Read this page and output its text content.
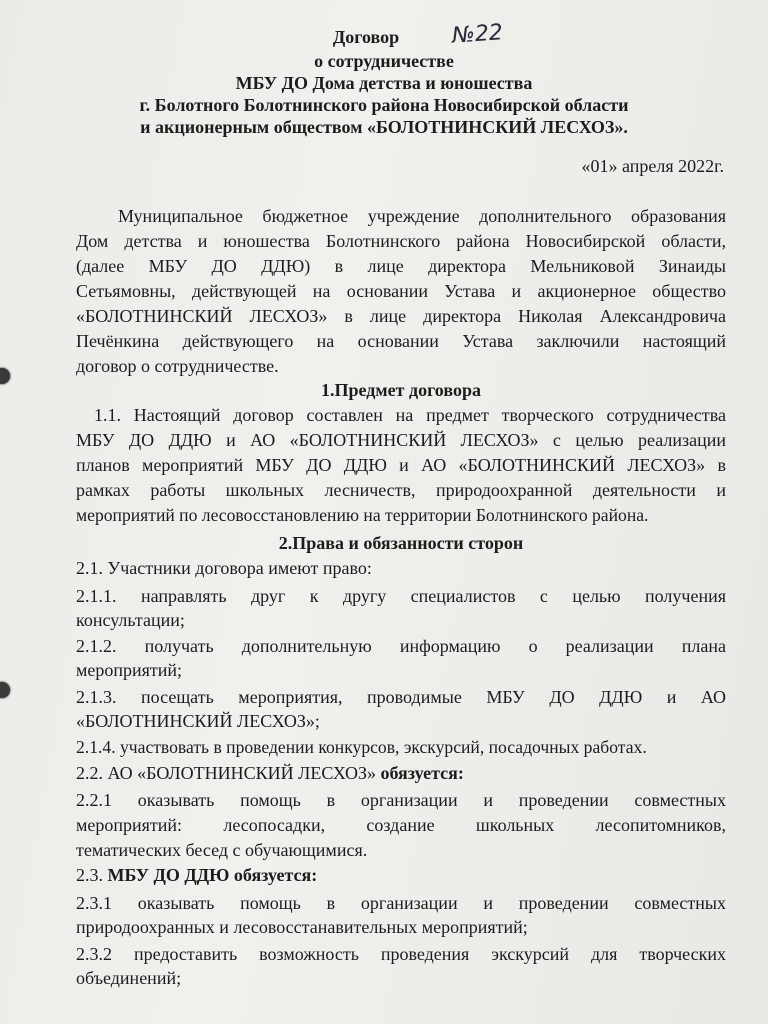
Договор	№22
о сотрудничестве
МБУ ДО Дома детства и юношества
г. Болотного Болотнинского района Новосибирской области
и акционерным обществом «БОЛОТНИНСКИЙ ЛЕСХОЗ».
«01» апреля 2022г.
Муниципальное бюджетное учреждение дополнительного образования
Дом детства и юношества Болотнинского района Новосибирской области,
(далее МБУ ДО ДДЮ) в лице директора Мельниковой Зинаиды
Сетьямовны, действующей на основании Устава и акционерное общество
«БОЛОТНИНСКИЙ ЛЕСХОЗ» в лице директора Николая Александровича
Печёнкина действующего на основании Устава заключили настоящий
договор о сотрудничестве.
1.Предмет договора
1.1. Настоящий договор составлен на предмет творческого сотрудничества
МБУ ДО ДДЮ и АО «БОЛОТНИНСКИЙ ЛЕСХОЗ» с целью реализации
планов мероприятий МБУ ДО ДДЮ и АО «БОЛОТНИНСКИЙ ЛЕСХОЗ» в
рамках работы школьных лесничеств, природоохранной деятельности и
мероприятий по лесовосстановлению на территории Болотнинского района.
2.Права и обязанности сторон
2.1. Участники договора имеют право:
2.1.1. направлять друг к другу специалистов с целью получения
консультации;
2.1.2. получать дополнительную информацию о реализации плана
мероприятий;
2.1.3. посещать мероприятия, проводимые МБУ ДО ДДЮ и АО
«БОЛОТНИНСКИЙ ЛЕСХОЗ»;
2.1.4. участвовать в проведении конкурсов, экскурсий, посадочных работах.
2.2. АО «БОЛОТНИНСКИЙ ЛЕСХОЗ» обязуется:
2.2.1 оказывать помощь в организации и проведении совместных
мероприятий: лесопосадки, создание школьных лесопитомников,
тематических бесед с обучающимися.
2.3. МБУ ДО ДДЮ обязуется:
2.3.1 оказывать помощь в организации и проведении совместных
природоохранных и лесовосстанавительных мероприятий;
2.3.2 предоставить возможность проведения экскурсий для творческих
объединений;
